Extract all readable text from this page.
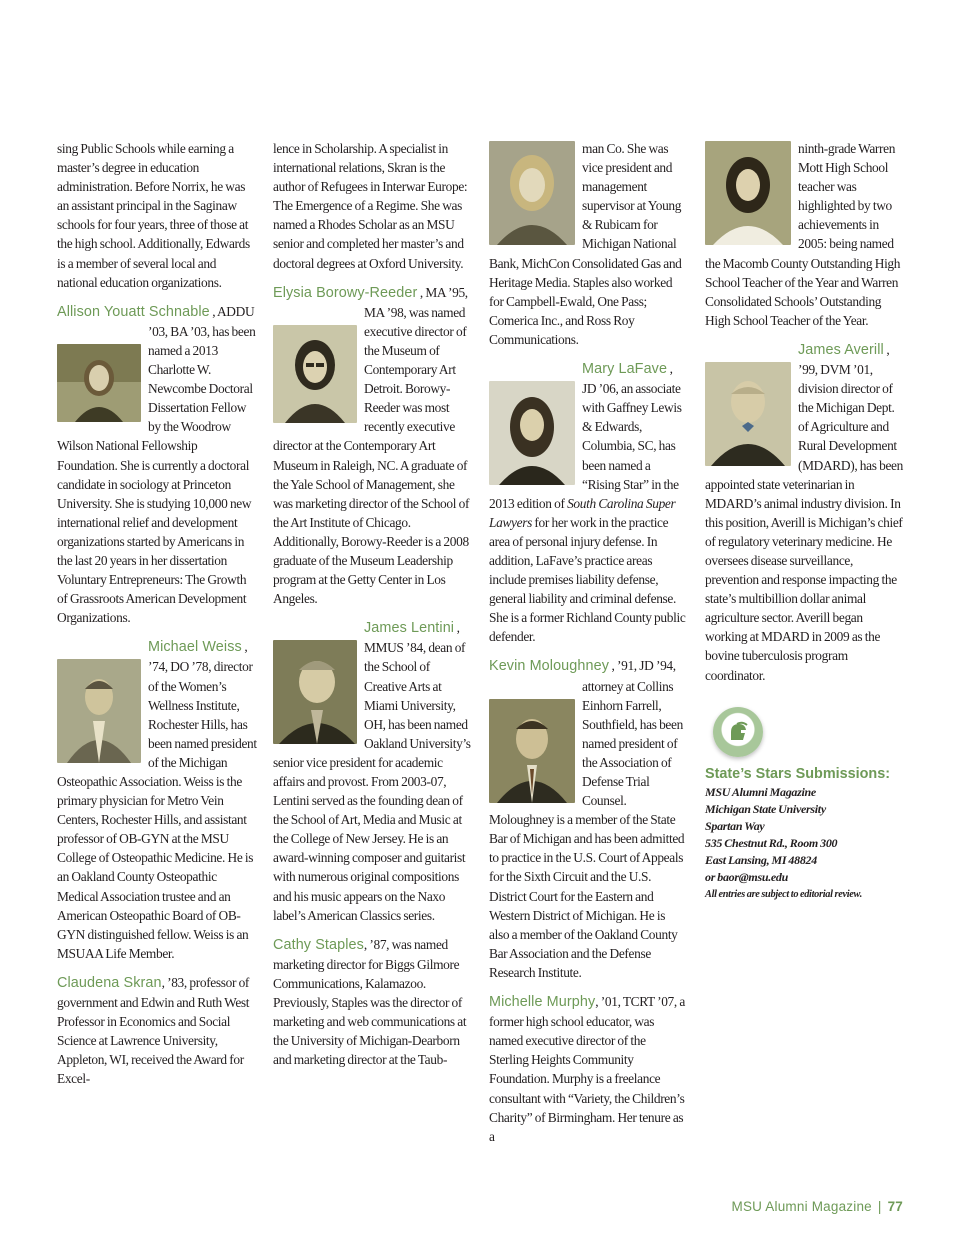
sing Public Schools while earning a master’s degree in education administration. Before Norrix, he was an assistant principal in the Saginaw schools for four years, three of those at the high school. Additionally, Edwards is a member of several local and national education organizations.

Allison Youatt Schnable , ADDU ’03, BA ’03, has been named a 2013 Charlotte W. Newcombe Doctoral Dissertation Fellow by the Woodrow Wilson National Fellowship Foundation. She is currently a doctoral candidate in sociology at Princeton University. She is studying 10,000 new international relief and development organizations started by Americans in the last 20 years in her dissertation Voluntary Entrepreneurs: The Growth of Grassroots American Development Organizations.
Michael Weiss , ’74, DO ’78, director of the Women’s Wellness Institute, Rochester Hills, has been named president of the Michigan Osteopathic Association. Weiss is the primary physician for Metro Vein Centers, Rochester Hills, and assistant professor of OB-GYN at the MSU College of Osteopathic Medicine. He is an Oakland County Osteopathic Medical Association trustee and an American Osteopathic Board of OB-GYN distinguished fellow. Weiss is an MSUAA Life Member.
Claudena Skran, ’83, professor of government and Edwin and Ruth West Professor in Economics and Social Science at Lawrence University, Appleton, WI, received the Award for Excel-

lence in Scholarship. A specialist in international relations, Skran is the author of Refugees in Interwar Europe: The Emergence of a Regime. She was named a Rhodes Scholar as an MSU senior and completed her master’s and doctoral degrees at Oxford University.

Elysia Borowy-Reeder , MA ’95, MA ’98, was named executive director of the Museum of Contemporary Art Detroit. Borowy-Reeder was most recently executive director at the Contemporary Art Museum in Raleigh, NC. A graduate of the Yale School of Management, she was marketing director of the School of the Art Institute of Chicago. Additionally, Borowy-Reeder is a 2008 graduate of the Museum Leadership program at the Getty Center in Los Angeles.
James Lentini , MMUS ’84, dean of the School of Creative Arts at Miami University, OH, has been named Oakland University’s senior vice president for academic affairs and provost. From 2003-07, Lentini served as the founding dean of the School of Art, Media and Music at the College of New Jersey. He is an award-winning composer and guitarist with numerous original compositions and his music appears on the Naxo label’s American Classics series.
Cathy Staples, ’87, was named marketing director for Biggs Gilmore Communications, Kalamazoo. Previously, Staples was the director of marketing and web communications at the University of Michigan-Dearborn and marketing director at the Taub-
man Co. She was vice president and management supervisor at Young & Rubicam for Michigan National Bank, MichCon Consolidated Gas and Heritage Media. Staples also worked for Campbell-Ewald, One Pass; Comerica Inc., and Ross Roy Communications.
Mary LaFave , JD ’06, an associate with Gaffney Lewis & Edwards, Columbia, SC, has been named a “Rising Star” in the 2013 edition of South Carolina Super Lawyers for her work in the practice area of personal injury defense. In addition, LaFave’s practice areas include premises liability defense, general liability and criminal defense. She is a former Richland County public defender.
Kevin Moloughney , ’91, JD ’94, attorney at Collins Einhorn Farrell, Southfield, has been named president of the Association of Defense Trial Counsel. Moloughney is a member of the State Bar of Michigan and has been admitted to practice in the U.S. Court of Appeals for the Sixth Circuit and the U.S. District Court for the Eastern and Western District of Michigan. He is also a member of the Oakland County Bar Association and the Defense Research Institute.
Michelle Murphy, ’01, TCRT ’07, a former high school educator, was named executive director of the Sterling Heights Community Foundation. Murphy is a freelance consultant with “Variety, the Children’s Charity” of Birmingham. Her tenure as a
ninth-grade Warren Mott High School teacher was highlighted by two achievements in 2005: being named the Macomb County Outstanding High School Teacher of the Year and Warren Consolidated Schools’ Outstanding High School Teacher of the Year.
James Averill , ’99, DVM ’01, division director of the Michigan Dept. of Agriculture and Rural Development (MDARD), has been appointed state veterinarian in MDARD’s animal industry division. In this position, Averill is Michigan’s chief of regulatory veterinary medicine. He oversees disease surveillance, prevention and response impacting the state’s multibillion dollar animal agriculture sector. Averill began working at MDARD in 2009 as the bovine tuberculosis program coordinator.
State’s Stars Submissions:
MSU Alumni Magazine
Michigan State University
Spartan Way
535 Chestnut Rd., Room 300
East Lansing, MI 48824
or baor@msu.edu
All entries are subject to editorial review.
MSU Alumni Magazine | 77
